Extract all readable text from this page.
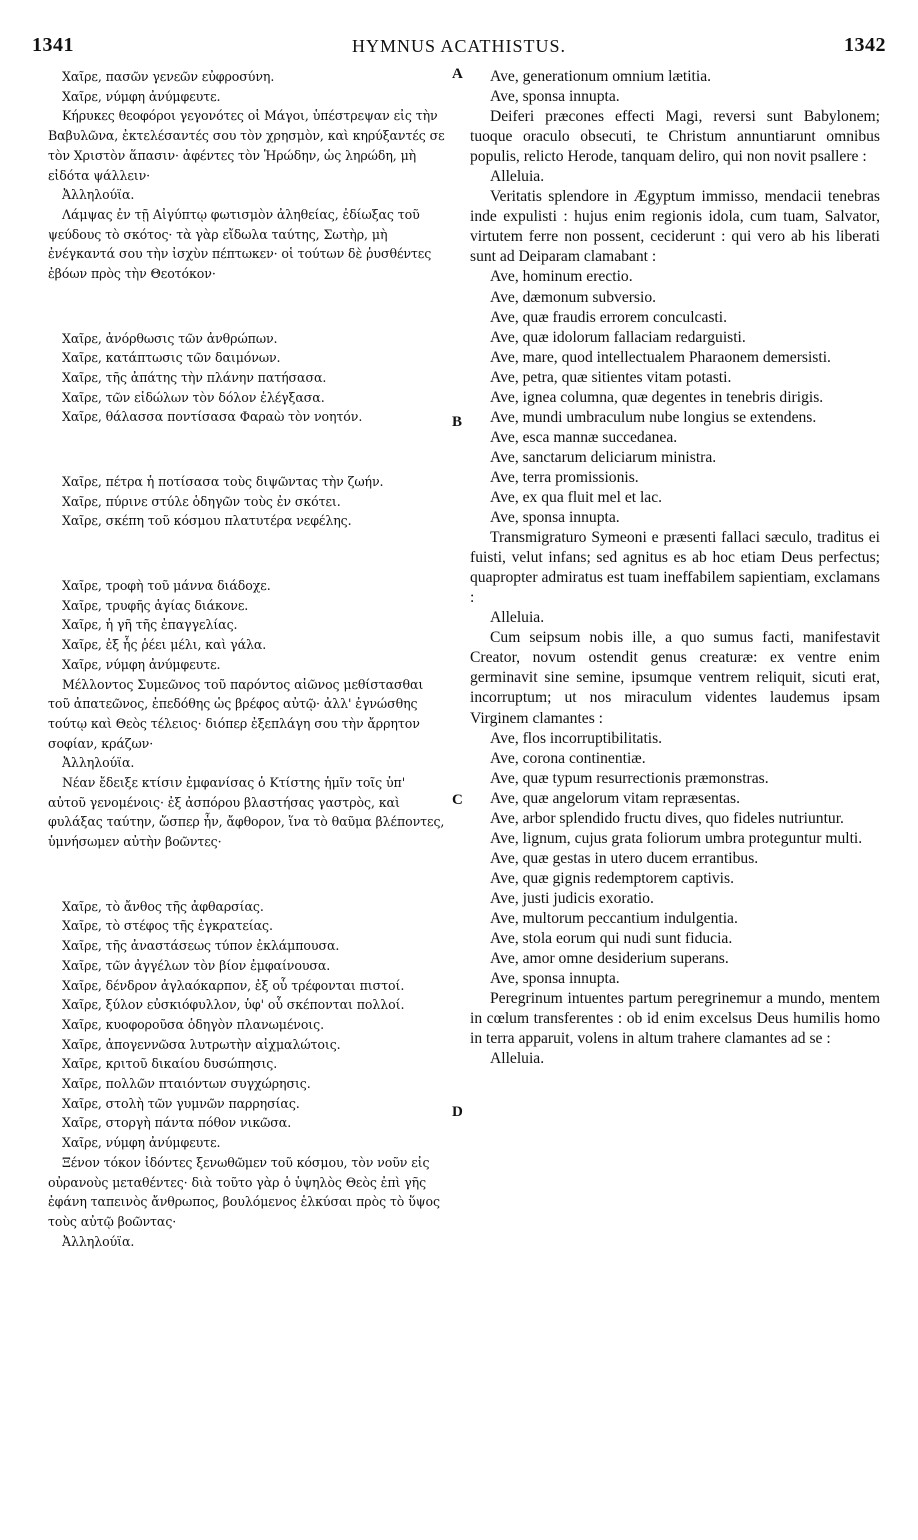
1341	HYMNUS ACATHISTUS.	1342
A
B
C
D

Χαῖρε, πασῶν γενεῶν εὐφροσύνη.

Χαῖρε, νύμφη ἀνύμφευτε.

Κήρυκες θεοφόροι γεγονότες οἱ Μάγοι, ὑπέστρεψαν εἰς τὴν Βαβυλῶνα, ἐκτελέσαντές σου τὸν χρησμὸν, καὶ κηρύξαντές σε τὸν Χριστὸν ἅπασιν· ἀφέντες τὸν Ἡρώδην, ὡς ληρώδη, μὴ εἰδότα ψάλλειν·

Ἀλληλούϊα.

Λάμψας ἐν τῇ Αἰγύπτῳ φωτισμὸν ἀληθείας, ἐδίωξας τοῦ ψεύδους τὸ σκότος· τὰ γὰρ εἴδωλα ταύτης, Σωτὴρ, μὴ ἐνέγκαντά σου τὴν ἰσχὺν πέπτωκεν· οἱ τούτων δὲ ῥυσθέντες ἐβόων πρὸς τὴν Θεοτόκον·

Χαῖρε, ἀνόρθωσις τῶν ἀνθρώπων.

Χαῖρε, κατάπτωσις τῶν δαιμόνων.

Χαῖρε, τῆς ἀπάτης τὴν πλάνην πατήσασα.

Χαῖρε, τῶν εἰδώλων τὸν δόλον ἐλέγξασα.

Χαῖρε, θάλασσα ποντίσασα Φαραὼ τὸν νοητόν.

Χαῖρε, πέτρα ἡ ποτίσασα τοὺς διψῶντας τὴν ζωήν.

Χαῖρε, πύρινε στύλε ὁδηγῶν τοὺς ἐν σκότει.

Χαῖρε, σκέπη τοῦ κόσμου πλατυτέρα νεφέλης.

Χαῖρε, τροφὴ τοῦ μάννα διάδοχε.

Χαῖρε, τρυφῆς ἁγίας διάκονε.

Χαῖρε, ἡ γῆ τῆς ἐπαγγελίας.

Χαῖρε, ἐξ ἧς ῥέει μέλι, καὶ γάλα.

Χαῖρε, νύμφη ἀνύμφευτε.

Μέλλοντος Συμεῶνος τοῦ παρόντος αἰῶνος μεθίστασθαι τοῦ ἀπατεῶνος, ἐπεδόθης ὡς βρέφος αὐτῷ· ἀλλ' ἐγνώσθης τούτῳ καὶ Θεὸς τέλειος· διόπερ ἐξεπλάγη σου τὴν ἄρρητον σοφίαν, κράζων·

Ἀλληλούϊα.

Νέαν ἔδειξε κτίσιν ἐμφανίσας ὁ Κτίστης ἡμῖν τοῖς ὑπ' αὐτοῦ γενομένοις· ἐξ ἀσπόρου βλαστήσας γαστρὸς, καὶ φυλάξας ταύτην, ὥσπερ ἦν, ἄφθορον, ἵνα τὸ θαῦμα βλέποντες, ὑμνήσωμεν αὐτὴν βοῶντες·

Χαῖρε, τὸ ἄνθος τῆς ἀφθαρσίας.

Χαῖρε, τὸ στέφος τῆς ἐγκρατείας.

Χαῖρε, τῆς ἀναστάσεως τύπον ἐκλάμπουσα.

Χαῖρε, τῶν ἀγγέλων τὸν βίον ἐμφαίνουσα.

Χαῖρε, δένδρον ἀγλαόκαρπον, ἐξ οὗ τρέφονται πιστοί.

Χαῖρε, ξύλον εὐσκιόφυλλον, ὑφ' οὗ σκέπονται πολλοί.

Χαῖρε, κυοφοροῦσα ὁδηγὸν πλανωμένοις.

Χαῖρε, ἀπογεννῶσα λυτρωτὴν αἰχμαλώτοις.

Χαῖρε, κριτοῦ δικαίου δυσώπησις.

Χαῖρε, πολλῶν πταιόντων συγχώρησις.

Χαῖρε, στολὴ τῶν γυμνῶν παρρησίας.

Χαῖρε, στοργὴ πάντα πόθον νικῶσα.

Χαῖρε, νύμφη ἀνύμφευτε.

Ξένον τόκον ἰδόντες ξενωθῶμεν τοῦ κόσμου, τὸν νοῦν εἰς οὐρανοὺς μεταθέντες· διὰ τοῦτο γὰρ ὁ ὑψηλὸς Θεὸς ἐπὶ γῆς ἐφάνη ταπεινὸς ἄνθρωπος, βουλόμενος ἑλκύσαι πρὸς τὸ ὕψος τοὺς αὐτῷ βοῶντας·

Ἀλληλούϊα.

Ave, generationum omnium lætitia.

Ave, sponsa innupta.

Deiferi præcones effecti Magi, reversi sunt Babylonem; tuoque oraculo obsecuti, te Christum annuntiarunt omnibus populis, relicto Herode, tanquam deliro, qui non novit psallere :

Alleluia.

Veritatis splendore in Ægyptum immisso, mendacii tenebras inde expulisti : hujus enim regionis idola, cum tuam, Salvator, virtutem ferre non possent, ceciderunt : qui vero ab his liberati sunt ad Deiparam clamabant :

Ave, hominum erectio.

Ave, dæmonum subversio.

Ave, quæ fraudis errorem conculcasti.

Ave, quæ idolorum fallaciam redarguisti.

Ave, mare, quod intellectualem Pharaonem demersisti.

Ave, petra, quæ sitientes vitam potasti.

Ave, ignea columna, quæ degentes in tenebris dirigis.

Ave, mundi umbraculum nube longius se extendens.

Ave, esca mannæ succedanea.

Ave, sanctarum deliciarum ministra.

Ave, terra promissionis.

Ave, ex qua fluit mel et lac.

Ave, sponsa innupta.

Transmigraturo Symeoni e præsenti fallaci sæculo, traditus ei fuisti, velut infans; sed agnitus es ab hoc etiam Deus perfectus; quapropter admiratus est tuam ineffabilem sapientiam, exclamans :

Alleluia.

Cum seipsum nobis ille, a quo sumus facti, manifestavit Creator, novum ostendit genus creaturæ: ex ventre enim germinavit sine semine, ipsumque ventrem reliquit, sicuti erat, incorruptum; ut nos miraculum videntes laudemus ipsam Virginem clamantes :

Ave, flos incorruptibilitatis.

Ave, corona continentiæ.

Ave, quæ typum resurrectionis præmonstras.

Ave, quæ angelorum vitam repræsentas.

Ave, arbor splendido fructu dives, quo fideles nutriuntur.

Ave, lignum, cujus grata foliorum umbra proteguntur multi.

Ave, quæ gestas in utero ducem errantibus.

Ave, quæ gignis redemptorem captivis.

Ave, justi judicis exoratio.

Ave, multorum peccantium indulgentia.

Ave, stola eorum qui nudi sunt fiducia.

Ave, amor omne desiderium superans.

Ave, sponsa innupta.

Peregrinum intuentes partum peregrinemur a mundo, mentem in cœlum transferentes : ob id enim excelsus Deus humilis homo in terra apparuit, volens in altum trahere clamantes ad se :

Alleluia.
